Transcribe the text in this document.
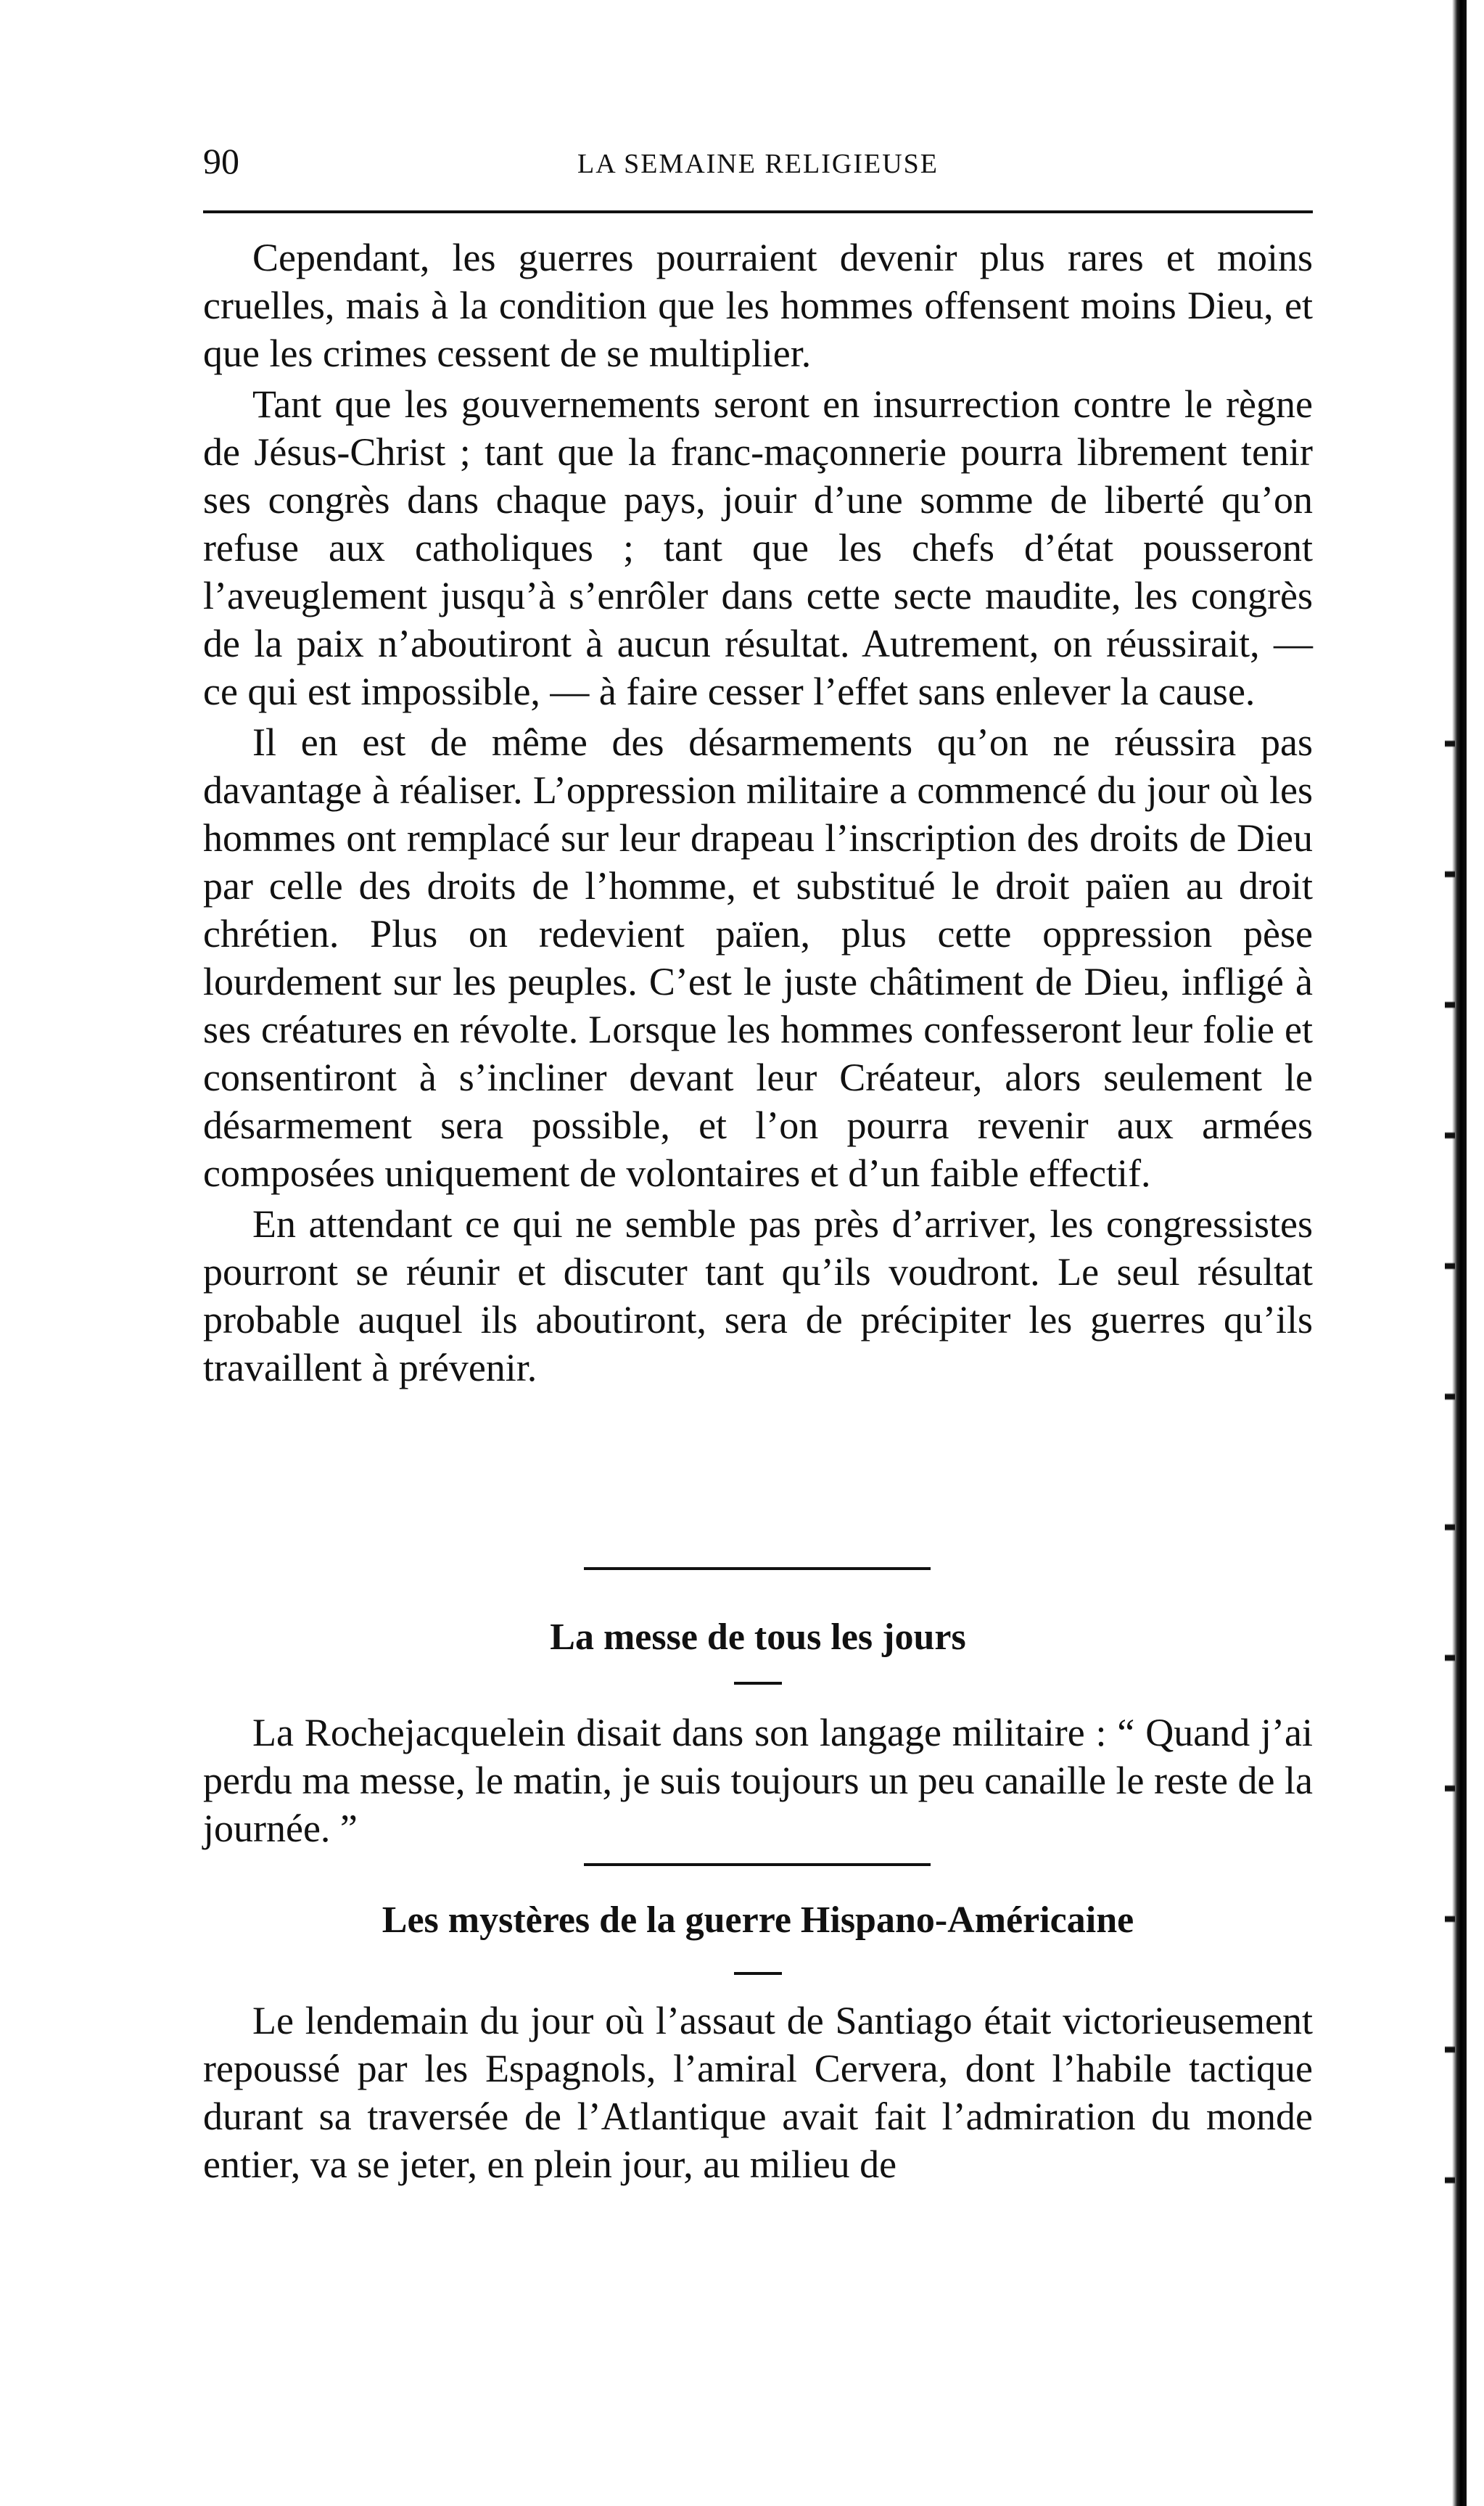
90	LA SEMAINE RELIGIEUSE

Cependant, les guerres pourraient devenir plus rares et moins cruelles, mais à la condition que les hommes offensent moins Dieu, et que les crimes cessent de se multiplier.

Tant que les gouvernements seront en insurrection contre le règne de Jésus-Christ ; tant que la franc-maçonnerie pourra librement tenir ses congrès dans chaque pays, jouir d’une somme de liberté qu’on refuse aux catholiques ; tant que les chefs d’état pousseront l’aveuglement jusqu’à s’enrôler dans cette secte maudite, les congrès de la paix n’aboutiront à aucun résultat. Autrement, on réussirait, — ce qui est impossible, — à faire cesser l’effet sans enlever la cause.

Il en est de même des désarmements qu’on ne réussira pas davantage à réaliser. L’oppression militaire a commencé du jour où les hommes ont remplacé sur leur drapeau l’inscription des droits de Dieu par celle des droits de l’homme, et substitué le droit païen au droit chrétien. Plus on redevient païen, plus cette oppression pèse lourdement sur les peuples. C’est le juste châtiment de Dieu, infligé à ses créatures en révolte. Lorsque les hommes confesseront leur folie et consentiront à s’incliner devant leur Créateur, alors seulement le désarmement sera possible, et l’on pourra revenir aux armées composées uniquement de volontaires et d’un faible effectif.

En attendant ce qui ne semble pas près d’arriver, les congressistes pourront se réunir et discuter tant qu’ils voudront. Le seul résultat probable auquel ils aboutiront, sera de précipiter les guerres qu’ils travaillent à prévenir.

La messe de tous les jours

La Rochejacquelein disait dans son langage militaire : “ Quand j’ai perdu ma messe, le matin, je suis toujours un peu canaille le reste de la journée. ”

Les mystères de la guerre Hispano-Américaine

Le lendemain du jour où l’assaut de Santiago était victorieusement repoussé par les Espagnols, l’amiral Cervera, dont l’habile tactique durant sa traversée de l’Atlantique avait fait l’admiration du monde entier, va se jeter, en plein jour, au milieu de
